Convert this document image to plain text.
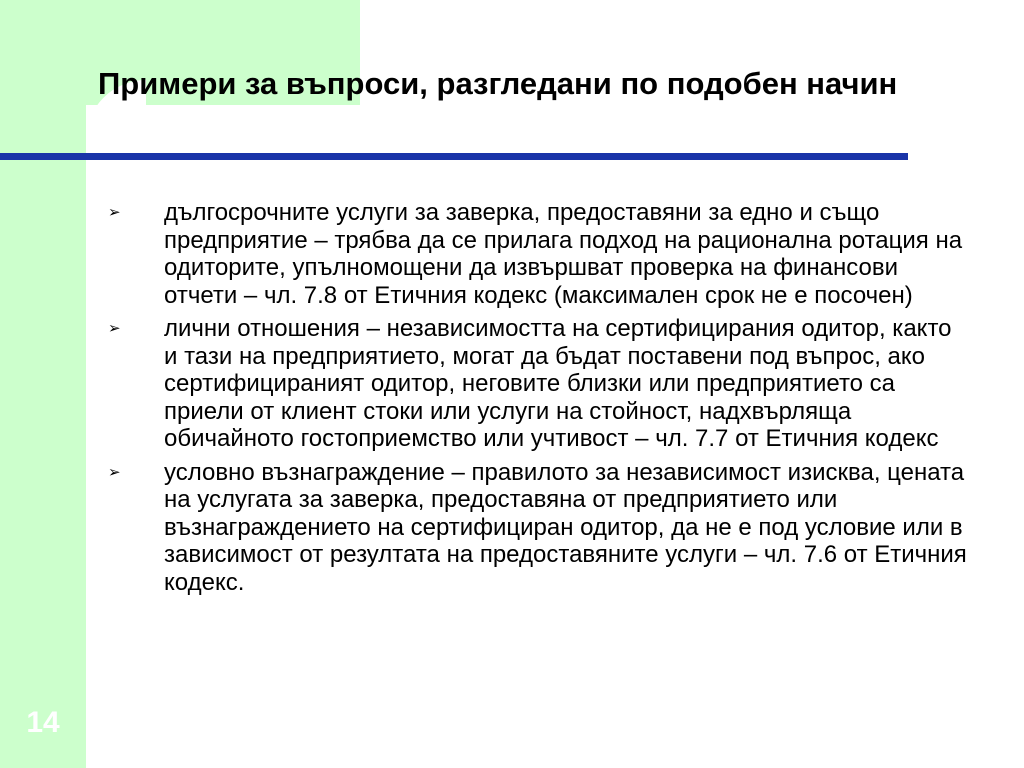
Примери за въпроси, разгледани по подобен начин
➢ дългосрочните услуги за заверка, предоставяни за едно и също предприятие – трябва да се прилага подход на рационална ротация на одиторите, упълномощени да извършват проверка на финансови отчети – чл. 7.8 от Етичния кодекс (максимален срок не е посочен)
➢ лични отношения – независимостта на сертифицирания одитор, както и тази на предприятието, могат да бъдат поставени под въпрос, ако сертифицираният одитор, неговите близки или предприятието са приели от клиент стоки или услуги на стойност, надхвърляща обичайното гостоприемство или учтивост – чл. 7.7 от Етичния кодекс
➢ условно възнаграждение – правилото за независимост изисква, цената на услугата за заверка, предоставяна от предприятието или възнаграждението на сертифициран одитор, да не е под условие или в зависимост от резултата на предоставяните услуги – чл. 7.6 от Етичния кодекс.
14
